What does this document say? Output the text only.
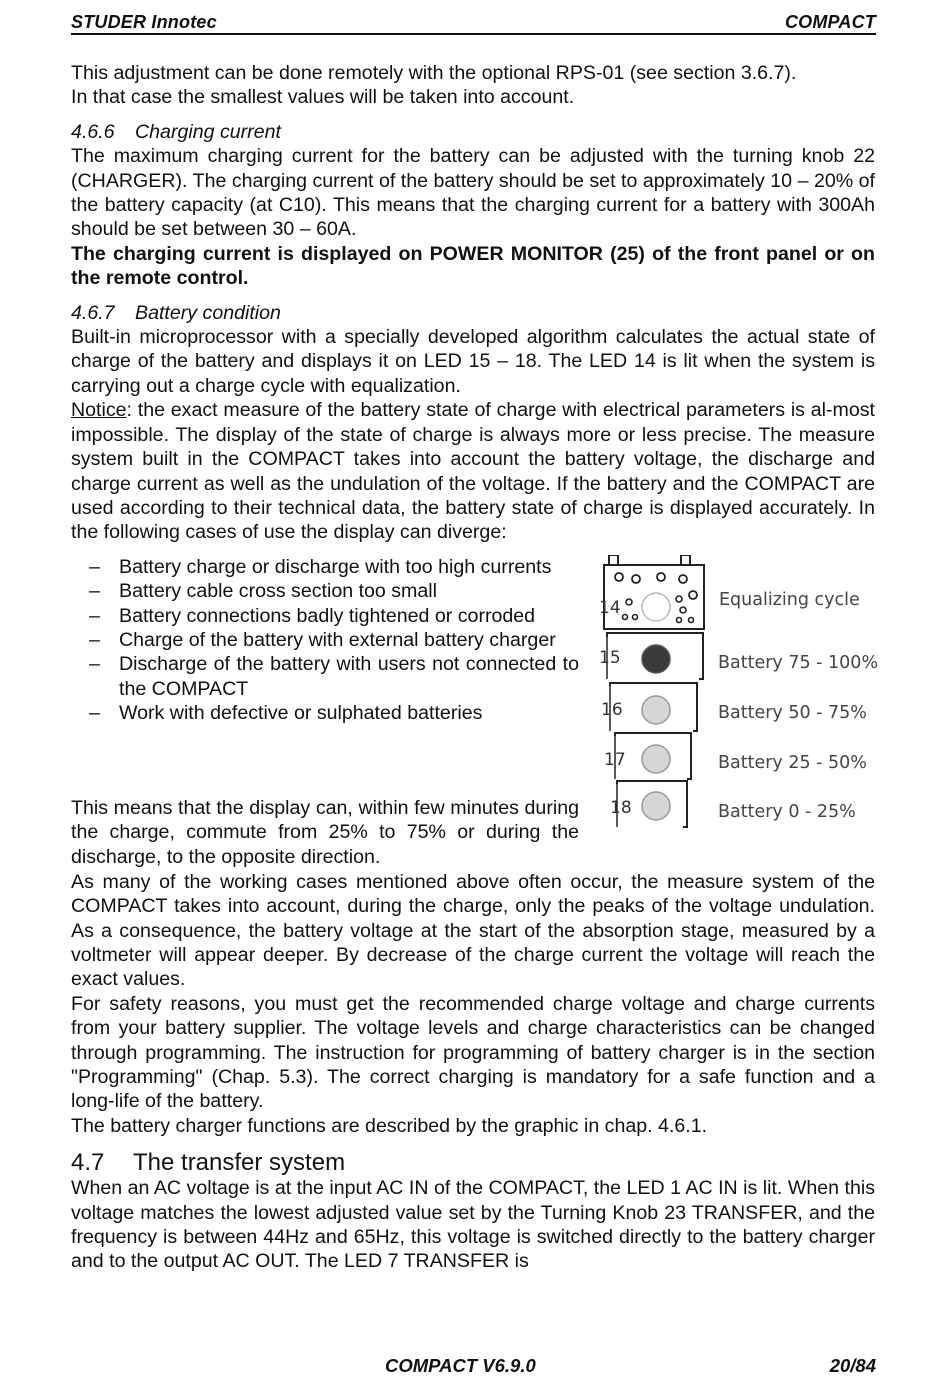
STUDER Innotec	COMPACT

This adjustment can be done remotely with the optional RPS-01 (see section 3.6.7).
In that case the smallest values will be taken into account.

4.6.6 Charging current

The maximum charging current for the battery can be adjusted with the turning knob 22 (CHARGER). The charging current of the battery should be set to approximately 10 – 20% of the battery capacity (at C10). This means that the charging current for a battery with 300Ah should be set between 30 – 60A.

The charging current is displayed on POWER MONITOR (25) of the front panel or on the remote control.

4.6.7 Battery condition

Built-in microprocessor with a specially developed algorithm calculates the actual state of charge of the battery and displays it on LED 15 – 18. The LED 14 is lit when the system is carrying out a charge cycle with equalization.

Notice: the exact measure of the battery state of charge with electrical parameters is al-most impossible. The display of the state of charge is always more or less precise. The measure system built in the COMPACT takes into account the battery voltage, the discharge and charge current as well as the undulation of the voltage. If the battery and the COMPACT are used according to their technical data, the battery state of charge is displayed accurately. In the following cases of use the display can diverge:

– Battery charge or discharge with too high currents
– Battery cable cross section too small
– Battery connections badly tightened or corroded
– Charge of the battery with external battery charger
– Discharge of the battery with users not connected to the COMPACT
– Work with defective or sulphated batteries

This means that the display can, within few minutes during the charge, commute from 25% to 75% or during the discharge, to the opposite direction.

14	Equalizing cycle
15	Battery 75 - 100%
16	Battery 50 - 75%
17	Battery 25 - 50%
18	Battery 0 - 25%

As many of the working cases mentioned above often occur, the measure system of the COMPACT takes into account, during the charge, only the peaks of the voltage undulation. As a consequence, the battery voltage at the start of the absorption stage, measured by a voltmeter will appear deeper. By decrease of the charge current the voltage will reach the exact values.

For safety reasons, you must get the recommended charge voltage and charge currents from your battery supplier. The voltage levels and charge characteristics can be changed through programming. The instruction for programming of battery charger is in the section "Programming" (Chap. 5.3). The correct charging is mandatory for a safe function and a long-life of the battery.

The battery charger functions are described by the graphic in chap. 4.6.1.

4.7 The transfer system

When an AC voltage is at the input AC IN of the COMPACT, the LED 1 AC IN is lit. When this voltage matches the lowest adjusted value set by the Turning Knob 23 TRANSFER, and the frequency is between 44Hz and 65Hz, this voltage is switched directly to the battery charger and to the output AC OUT. The LED 7 TRANSFER is

COMPACT V6.9.0	20/84
